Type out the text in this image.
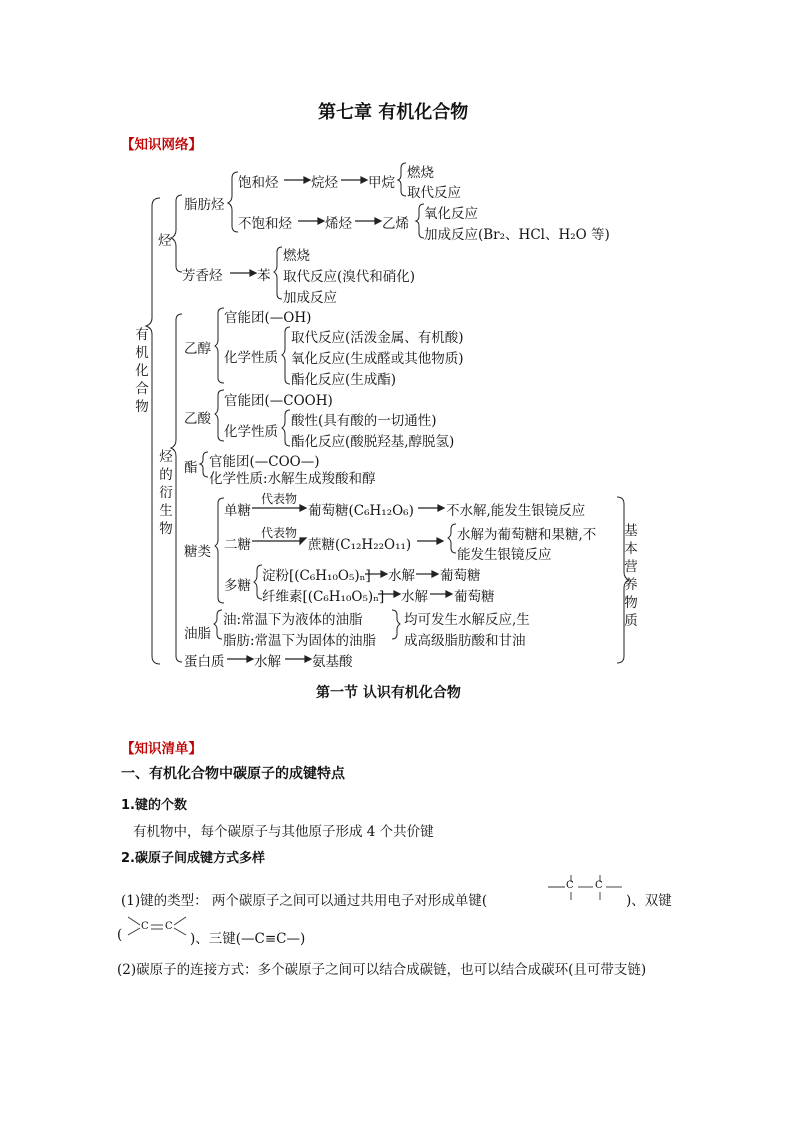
第七章 有机化合物
【知识网络】
有
机
化
合
物
烃
脂肪烃
饱和烃 烷烃 甲烷
燃烧
取代反应
不饱和烃 烯烃 乙烯
氧化反应
加成反应(Br₂、HCl、H₂O 等)
芳香烃	苯
燃烧
取代反应(溴代和硝化)
加成反应
烃
的
衍
生
物
乙醇
官能团(—OH)
化学性质
取代反应(活泼金属、有机酸)
氧化反应(生成醛或其他物质)
酯化反应(生成酯)
乙酸
官能团(—COOH)
化学性质
酸性(具有酸的一切通性)
酯化反应(酸脱羟基,醇脱氢)
酯 官能团(—COO—)
化学性质:水解生成羧酸和醇
糖类
单糖
代表物
葡萄糖(C₆H₁₂O₆) 不水解,能发生银镜反应
二糖
代表物
蔗糖(C₁₂H₂₂O₁₁)
水解为葡萄糖和果糖,不
能发生银镜反应
多糖
淀粉[(C₆H₁₀O₅)ₙ] 水解 葡萄糖
纤维素[(C₆H₁₀O₅)ₙ] 水解 葡萄糖
油脂
油:常温下为液体的油脂
脂肪:常温下为固体的油脂
均可发生水解反应,生
成高级脂肪酸和甘油
蛋白质 水解 氨基酸
基
本
营
养
物
质
第一节 认识有机化合物
【知识清单】
一、有机化合物中碳原子的成键特点
1.键的个数
有机物中，每个碳原子与其他原子形成 4 个共价键
2.碳原子间成键方式多样
(1)键的类型： 两个碳原子之间可以通过共用电子对形成单键(
C C
)、双键
(
C C
)、三键(—C≡C—)
(2)碳原子的连接方式：多个碳原子之间可以结合成碳链，也可以结合成碳环(且可带支链)
